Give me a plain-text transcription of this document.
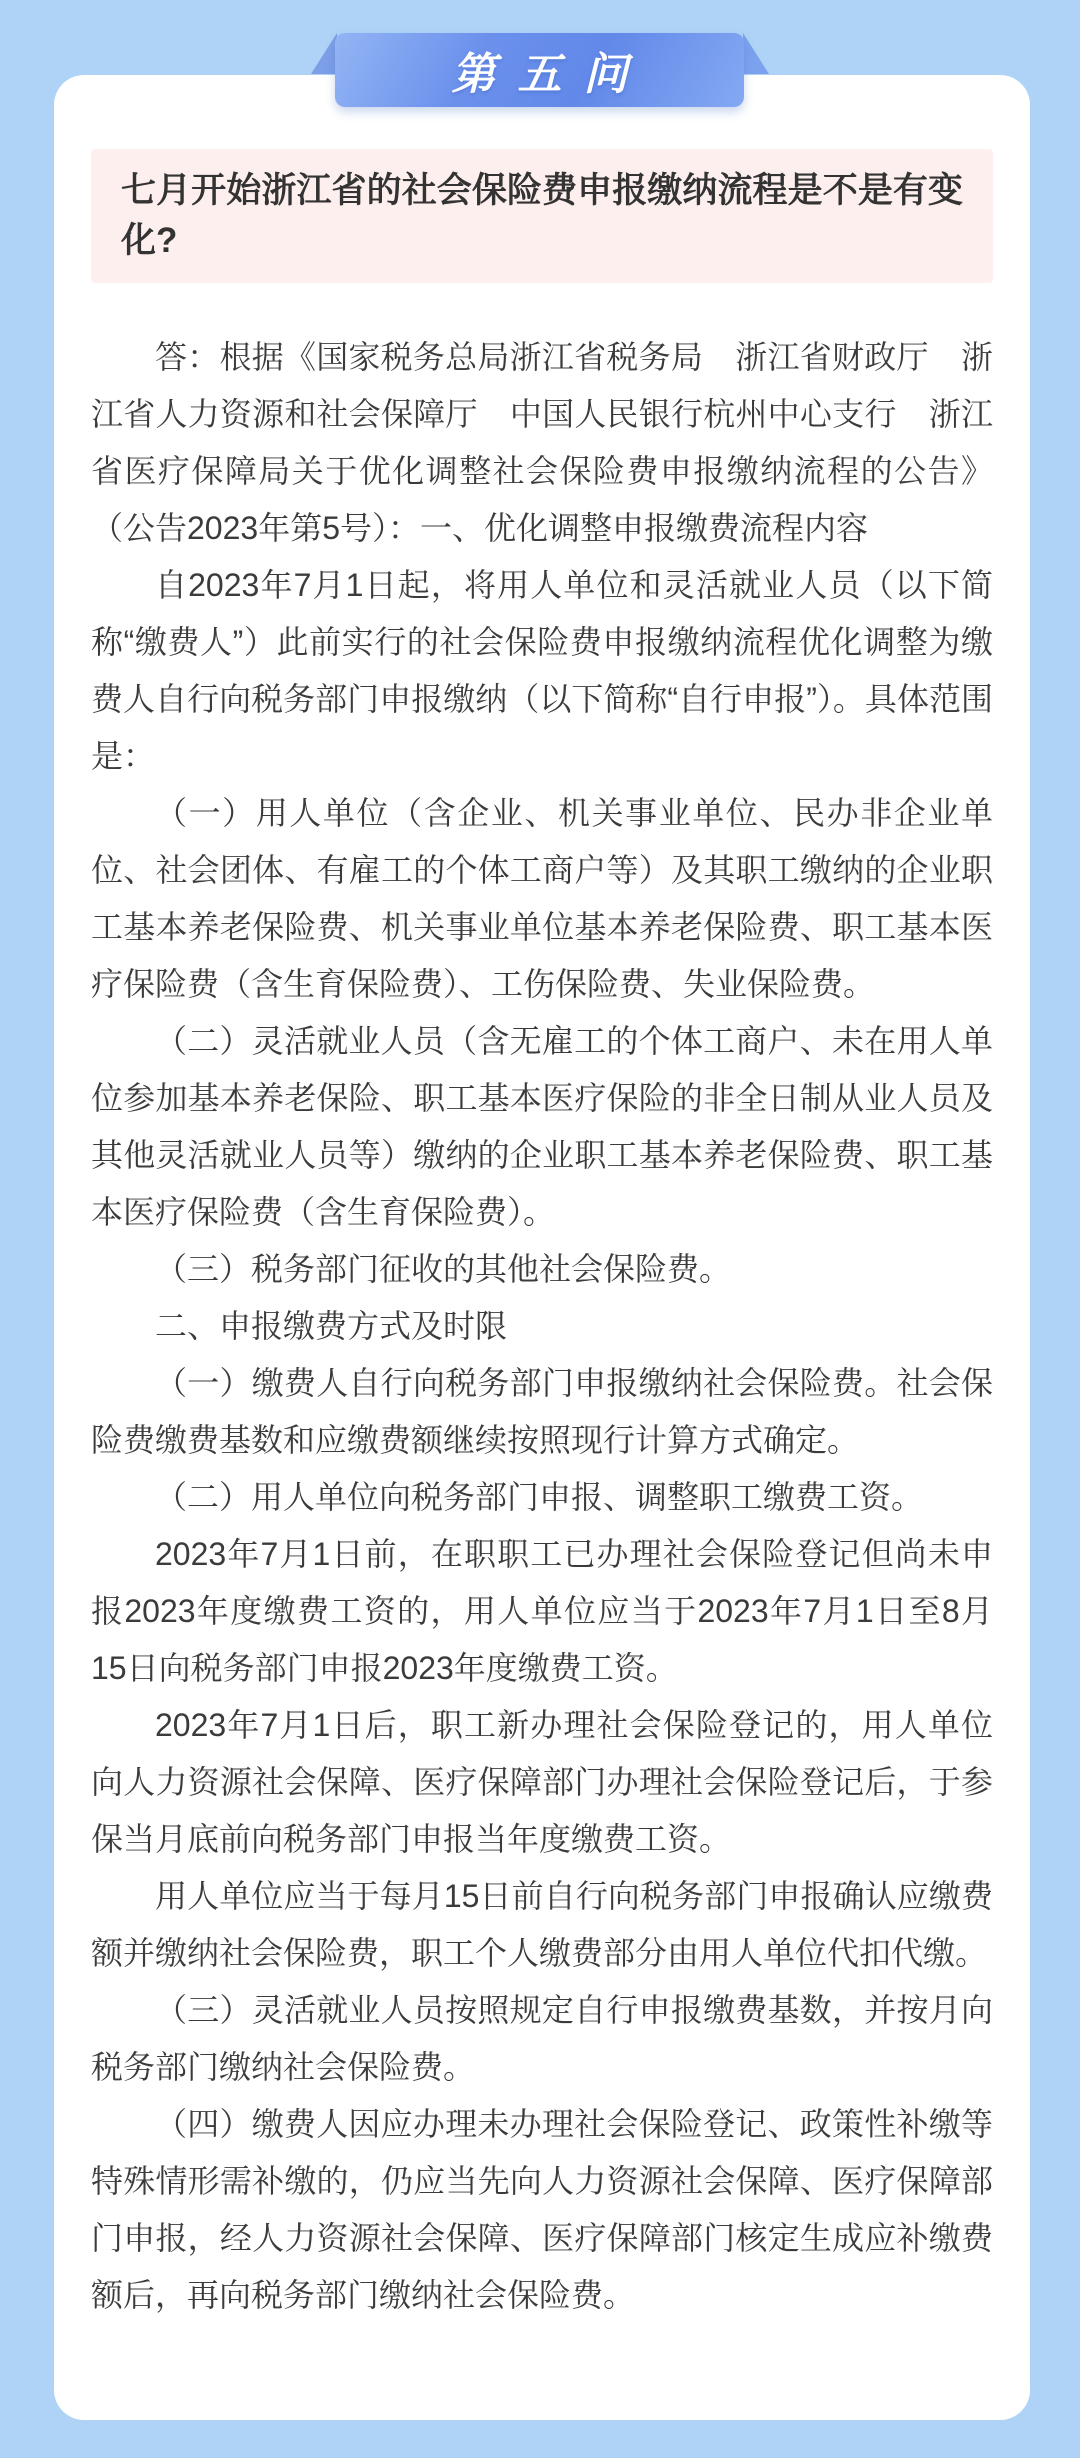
第五问

七月开始浙江省的社会保险费申报缴纳流程是不是有变化?

答：根据《国家税务总局浙江省税务局　浙江省财政厅　浙江省人力资源和社会保障厅　中国人民银行杭州中心支行　浙江省医疗保障局关于优化调整社会保险费申报缴纳流程的公告》（公告2023年第5号）：一、优化调整申报缴费流程内容

自2023年7月1日起，将用人单位和灵活就业人员（以下简称“缴费人”）此前实行的社会保险费申报缴纳流程优化调整为缴费人自行向税务部门申报缴纳（以下简称“自行申报”）。具体范围是：

（一）用人单位（含企业、机关事业单位、民办非企业单位、社会团体、有雇工的个体工商户等）及其职工缴纳的企业职工基本养老保险费、机关事业单位基本养老保险费、职工基本医疗保险费（含生育保险费）、工伤保险费、失业保险费。

（二）灵活就业人员（含无雇工的个体工商户、未在用人单位参加基本养老保险、职工基本医疗保险的非全日制从业人员及其他灵活就业人员等）缴纳的企业职工基本养老保险费、职工基本医疗保险费（含生育保险费）。

（三）税务部门征收的其他社会保险费。

二、申报缴费方式及时限

（一）缴费人自行向税务部门申报缴纳社会保险费。社会保险费缴费基数和应缴费额继续按照现行计算方式确定。

（二）用人单位向税务部门申报、调整职工缴费工资。

2023年7月1日前，在职职工已办理社会保险登记但尚未申报2023年度缴费工资的，用人单位应当于2023年7月1日至8月15日向税务部门申报2023年度缴费工资。

2023年7月1日后，职工新办理社会保险登记的，用人单位向人力资源社会保障、医疗保障部门办理社会保险登记后，于参保当月底前向税务部门申报当年度缴费工资。

用人单位应当于每月15日前自行向税务部门申报确认应缴费额并缴纳社会保险费，职工个人缴费部分由用人单位代扣代缴。

（三）灵活就业人员按照规定自行申报缴费基数，并按月向税务部门缴纳社会保险费。

（四）缴费人因应办理未办理社会保险登记、政策性补缴等特殊情形需补缴的，仍应当先向人力资源社会保障、医疗保障部门申报，经人力资源社会保障、医疗保障部门核定生成应补缴费额后，再向税务部门缴纳社会保险费。
